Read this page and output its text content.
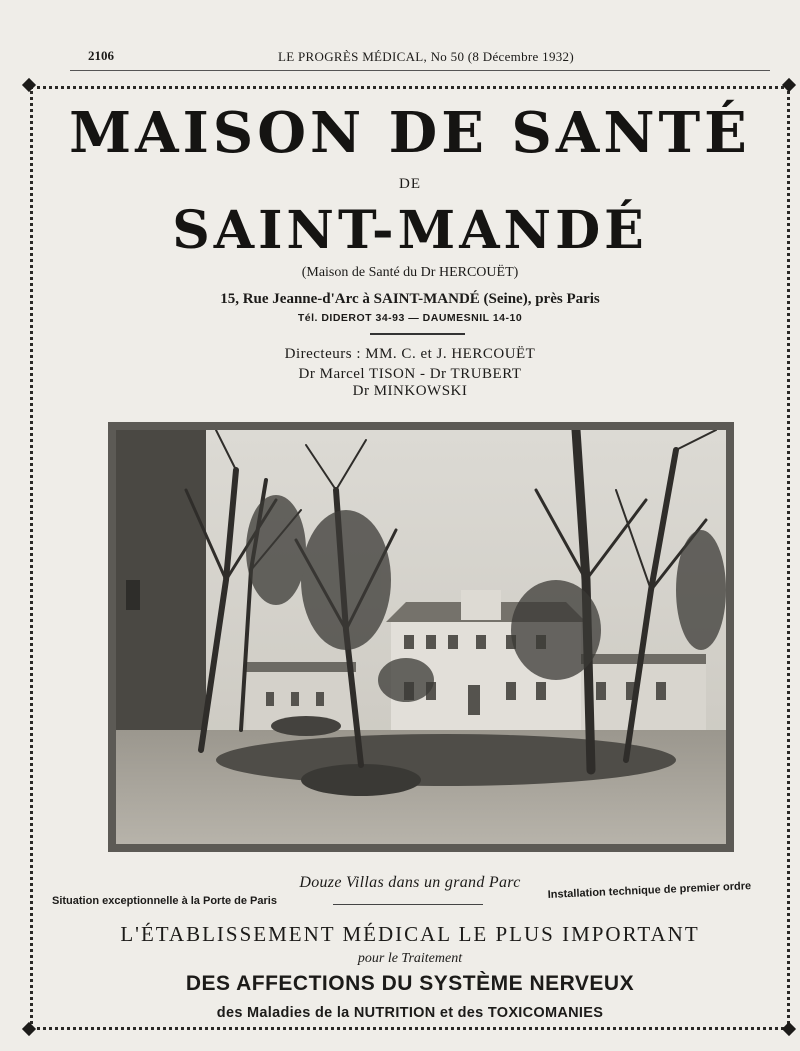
2106	LE PROGRÈS MÉDICAL, No 50 (8 Décembre 1932)
MAISON DE SANTÉ
DE
SAINT-MANDÉ
(Maison de Santé du Dr HERCOUËT)
15, Rue Jeanne-d'Arc à SAINT-MANDÉ (Seine), près Paris
Tél. DIDEROT 34-93 — DAUMESNIL 14-10
Directeurs : MM. C. et J. HERCOUËT
Dr Marcel TISON - Dr TRUBERT
Dr MINKOWSKI
Douze Villas dans un grand Parc
Situation exceptionnelle à la Porte de Paris	Installation technique de premier ordre
L'ÉTABLISSEMENT MÉDICAL LE PLUS IMPORTANT
pour le Traitement
DES AFFECTIONS DU SYSTÈME NERVEUX
des Maladies de la NUTRITION et des TOXICOMANIES
